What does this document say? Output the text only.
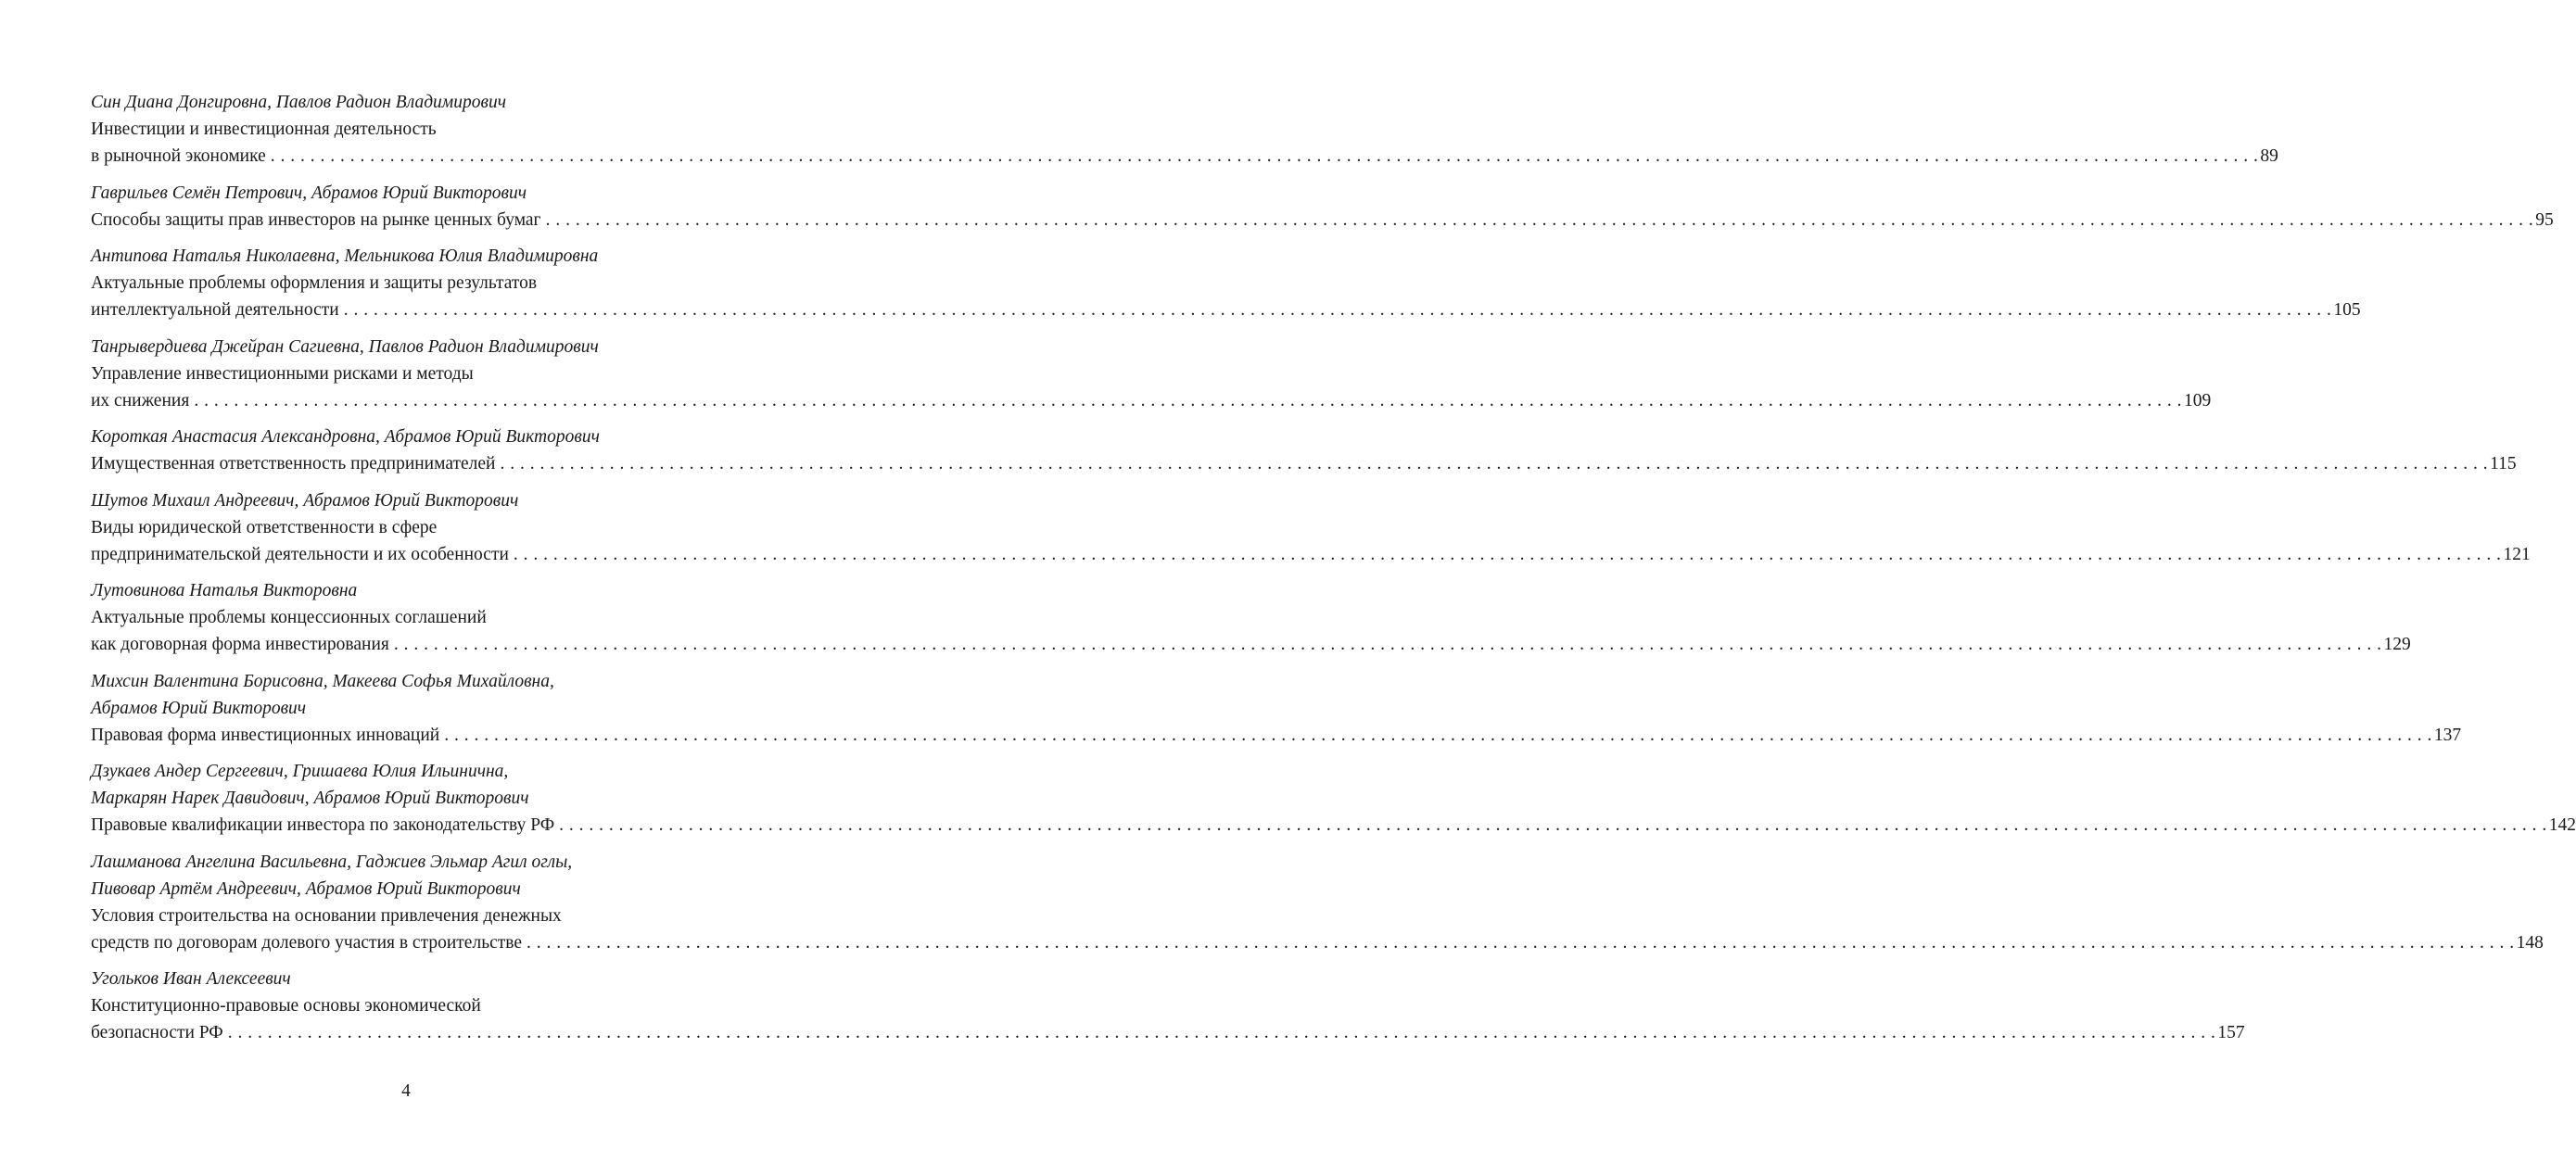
Син Диана Донгировна, Павлов Радион Владимирович
Инвестиции и инвестиционная деятельность
в рыночной экономике . . . . . . . . . . . . . . . . . . . . . . . . . . . . . . . . . . . . . . . . . . . . . . . . . . . . . . . . . . . . . . . . . . . . . . . . . . . . . . . . . . . . . . . . . . . . . . . . . . . . . . . . . . . . . . . . . . . . . . . . . . . . . . . . . . . . . . . . . . . . . . . . . . . . . . . . . . . . . . . . . . . . . . . . . . . . . . . . . . . . . . . . . . . . . . . . . . . . . . . . 89
Гаврильев Семён Петрович, Абрамов Юрий Викторович
Способы защиты прав инвесторов на рынке ценных бумаг . . . . . . . . . . . . . . . . . . . . . . . . . . . . . . . . . . . . . . . . . . . . . . . . . . . . . . . . . . . . . . . . . . . . . . . . . . . . . . . . . . . . . . . . . . . . . . . . . . . . . . . . . . . . . . . . . . . . . . . . . . . . . . . . . . . . . . . . . . . . . . . . . . . . . . . . . . . . . . . . . . . . . . . . . . . . . . . . . . . . . . . . . . . . . . . . . . . . . . . . 95
Антипова Наталья Николаевна, Мельникова Юлия Владимировна
Актуальные проблемы оформления и защиты результатов
интеллектуальной деятельности . . . . . . . . . . . . . . . . . . . . . . . . . . . . . . . . . . . . . . . . . . . . . . . . . . . . . . . . . . . . . . . . . . . . . . . . . . . . . . . . . . . . . . . . . . . . . . . . . . . . . . . . . . . . . . . . . . . . . . . . . . . . . . . . . . . . . . . . . . . . . . . . . . . . . . . . . . . . . . . . . . . . . . . . . . . . . . . . . . . . . . . . . . . . . . . . . . . . . . . . 105
Танрывердиева Джейран Сагиевна, Павлов Радион Владимирович
Управление инвестиционными рисками и методы
их снижения . . . . . . . . . . . . . . . . . . . . . . . . . . . . . . . . . . . . . . . . . . . . . . . . . . . . . . . . . . . . . . . . . . . . . . . . . . . . . . . . . . . . . . . . . . . . . . . . . . . . . . . . . . . . . . . . . . . . . . . . . . . . . . . . . . . . . . . . . . . . . . . . . . . . . . . . . . . . . . . . . . . . . . . . . . . . . . . . . . . . . . . . . . . . . . . . . . . . . . . . 109
Короткая Анастасия Александровна, Абрамов Юрий Викторович
Имущественная ответственность предпринимателей . . . . . . . . . . . . . . . . . . . . . . . . . . . . . . . . . . . . . . . . . . . . . . . . . . . . . . . . . . . . . . . . . . . . . . . . . . . . . . . . . . . . . . . . . . . . . . . . . . . . . . . . . . . . . . . . . . . . . . . . . . . . . . . . . . . . . . . . . . . . . . . . . . . . . . . . . . . . . . . . . . . . . . . . . . . . . . . . . . . . . . . . . . . . . . . . . . . . . . . . 115
Шутов Михаил Андреевич, Абрамов Юрий Викторович
Виды юридической ответственности в сфере
предпринимательской деятельности и их особенности . . . . . . . . . . . . . . . . . . . . . . . . . . . . . . . . . . . . . . . . . . . . . . . . . . . . . . . . . . . . . . . . . . . . . . . . . . . . . . . . . . . . . . . . . . . . . . . . . . . . . . . . . . . . . . . . . . . . . . . . . . . . . . . . . . . . . . . . . . . . . . . . . . . . . . . . . . . . . . . . . . . . . . . . . . . . . . . . . . . . . . . . . . . . . . . . . . . . . . . . 121
Лутовинова Наталья Викторовна
Актуальные проблемы концессионных соглашений
как договорная форма инвестирования . . . . . . . . . . . . . . . . . . . . . . . . . . . . . . . . . . . . . . . . . . . . . . . . . . . . . . . . . . . . . . . . . . . . . . . . . . . . . . . . . . . . . . . . . . . . . . . . . . . . . . . . . . . . . . . . . . . . . . . . . . . . . . . . . . . . . . . . . . . . . . . . . . . . . . . . . . . . . . . . . . . . . . . . . . . . . . . . . . . . . . . . . . . . . . . . . . . . . . . . 129
Михсин Валентина Борисовна, Макеева Софья Михайловна,
Абрамов Юрий Викторович
Правовая форма инвестиционных инноваций . . . . . . . . . . . . . . . . . . . . . . . . . . . . . . . . . . . . . . . . . . . . . . . . . . . . . . . . . . . . . . . . . . . . . . . . . . . . . . . . . . . . . . . . . . . . . . . . . . . . . . . . . . . . . . . . . . . . . . . . . . . . . . . . . . . . . . . . . . . . . . . . . . . . . . . . . . . . . . . . . . . . . . . . . . . . . . . . . . . . . . . . . . . . . . . . . . . . . . . . 137
Дзукаев Андер Сергеевич, Гришаева Юлия Ильинична,
Маркарян Нарек Давидович, Абрамов Юрий Викторович
Правовые квалификации инвестора по законодательству РФ . . . . . . . . . . . . . . . . . . . . . . . . . . . . . . . . . . . . . . . . . . . . . . . . . . . . . . . . . . . . . . . . . . . . . . . . . . . . . . . . . . . . . . . . . . . . . . . . . . . . . . . . . . . . . . . . . . . . . . . . . . . . . . . . . . . . . . . . . . . . . . . . . . . . . . . . . . . . . . . . . . . . . . . . . . . . . . . . . . . . . . . . . . . . . . . . . . . . . . . . 142
Лашманова Ангелина Васильевна, Гаджиев Эльмар Агил оглы,
Пивовар Артём Андреевич, Абрамов Юрий Викторович
Условия строительства на основании привлечения денежных
средств по договорам долевого участия в строительстве . . . . . . . . . . . . . . . . . . . . . . . . . . . . . . . . . . . . . . . . . . . . . . . . . . . . . . . . . . . . . . . . . . . . . . . . . . . . . . . . . . . . . . . . . . . . . . . . . . . . . . . . . . . . . . . . . . . . . . . . . . . . . . . . . . . . . . . . . . . . . . . . . . . . . . . . . . . . . . . . . . . . . . . . . . . . . . . . . . . . . . . . . . . . . . . . . . . . . . . . 148
Угольков Иван Алексеевич
Конституционно-правовые основы экономической
безопасности РФ . . . . . . . . . . . . . . . . . . . . . . . . . . . . . . . . . . . . . . . . . . . . . . . . . . . . . . . . . . . . . . . . . . . . . . . . . . . . . . . . . . . . . . . . . . . . . . . . . . . . . . . . . . . . . . . . . . . . . . . . . . . . . . . . . . . . . . . . . . . . . . . . . . . . . . . . . . . . . . . . . . . . . . . . . . . . . . . . . . . . . . . . . . . . . . . . . . . . . . . . 157
4
